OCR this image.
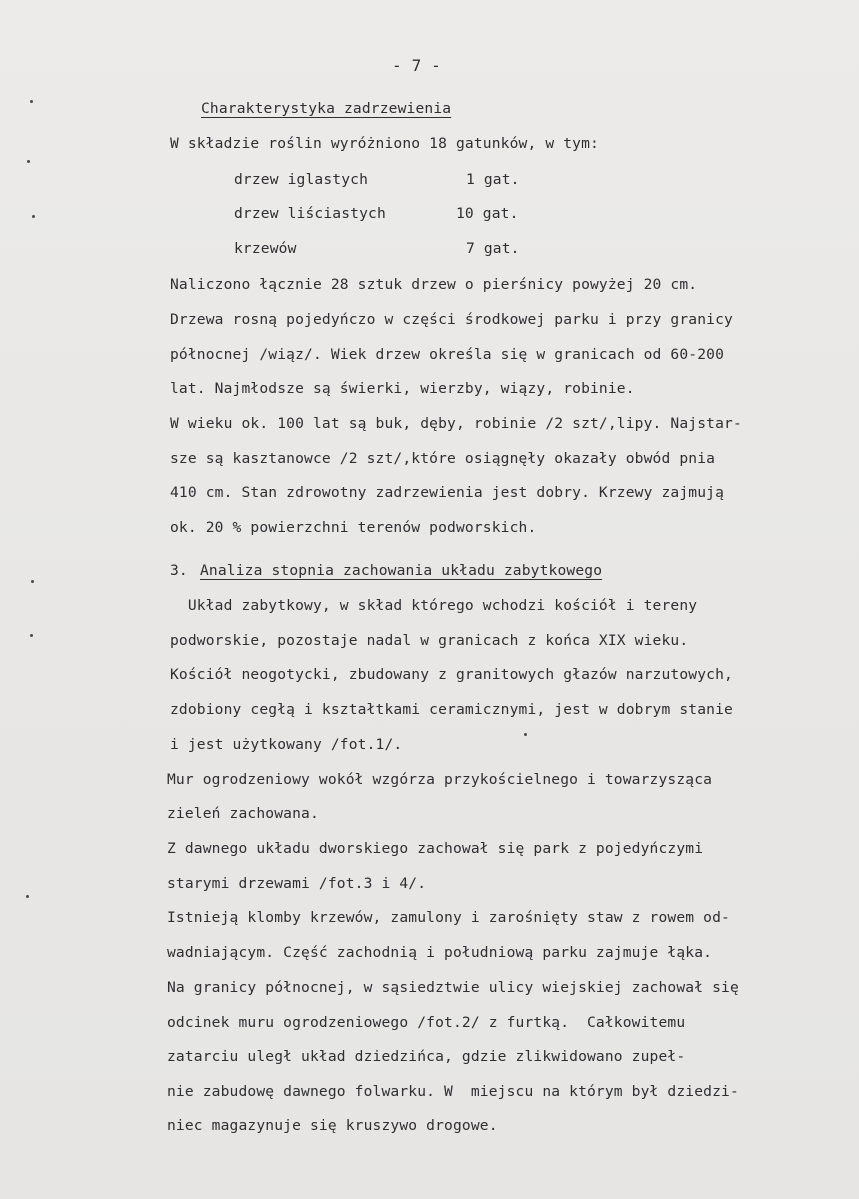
- 7 -
Charakterystyka zadrzewienia
W składzie roślin wyróżniono 18 gatunków, w tym:
drzew iglastych	1 gat.
drzew liściastych	10 gat.
krzewów	7 gat.
Naliczono łącznie 28 sztuk drzew o pierśnicy powyżej 20 cm.
Drzewa rosną pojedyńczo w części środkowej parku i przy granicy
północnej /wiąz/. Wiek drzew określa się w granicach od 60-200
lat. Najmłodsze są świerki, wierzby, wiązy, robinie.
W wieku ok. 100 lat są buk, dęby, robinie /2 szt/,lipy. Najstar-
sze są kasztanowce /2 szt/,które osiągnęły okazały obwód pnia
410 cm. Stan zdrowotny zadrzewienia jest dobry. Krzewy zajmują
ok. 20 % powierzchni terenów podworskich.
3. Analiza stopnia zachowania układu zabytkowego
Układ zabytkowy, w skład którego wchodzi kościół i tereny
podworskie, pozostaje nadal w granicach z końca XIX wieku.
Kościół neogotycki, zbudowany z granitowych głazów narzutowych,
zdobiony cegłą i kształtkami ceramicznymi, jest w dobrym stanie
i jest użytkowany /fot.1/.
Mur ogrodzeniowy wokół wzgórza przykościelnego i towarzysząca
zieleń zachowana.
Z dawnego układu dworskiego zachował się park z pojedyńczymi
starymi drzewami /fot.3 i 4/.
Istnieją klomby krzewów, zamulony i zarośnięty staw z rowem od-
wadniającym. Część zachodnią i południową parku zajmuje łąka.
Na granicy północnej, w sąsiedztwie ulicy wiejskiej zachował się
odcinek muru ogrodzeniowego /fot.2/ z furtką.  Całkowitemu
zatarciu uległ układ dziedzińca, gdzie zlikwidowano zupeł-
nie zabudowę dawnego folwarku. W  miejscu na którym był dziedzi-
niec magazynuje się kruszywo drogowe.
